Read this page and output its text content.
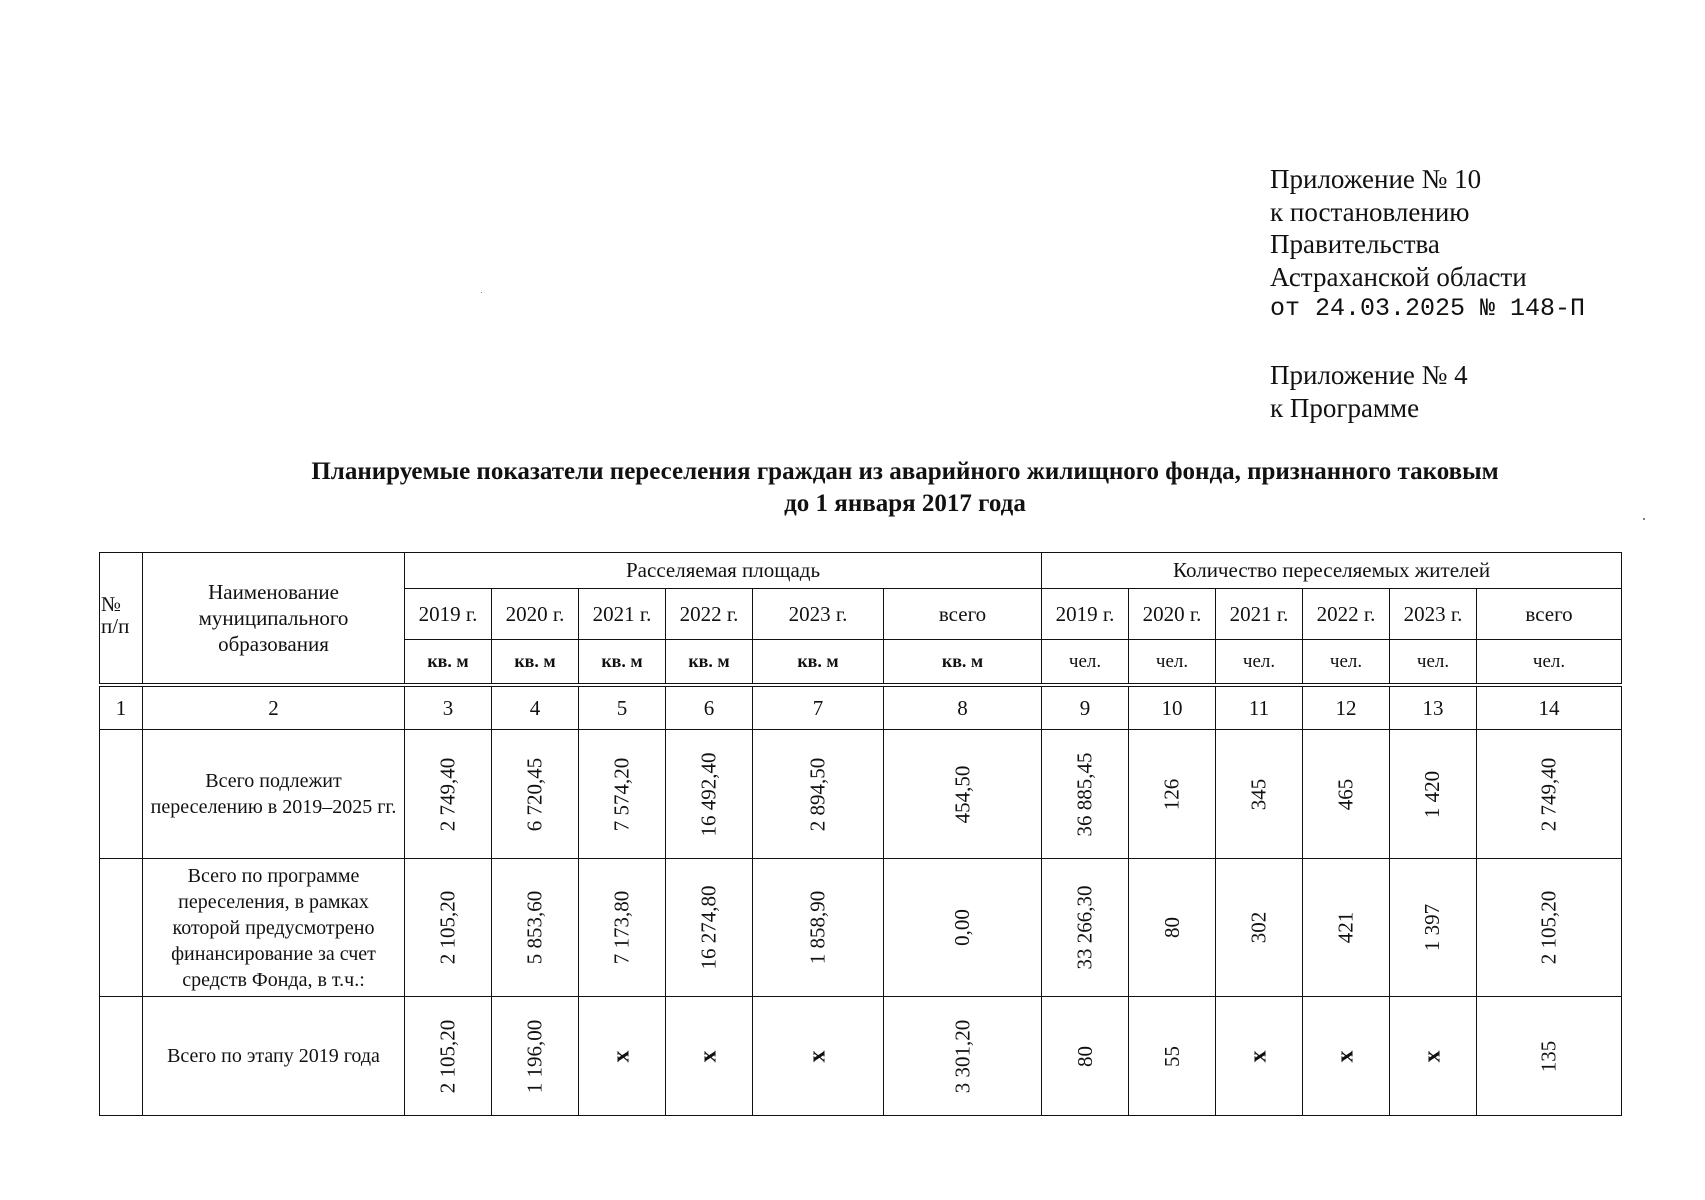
Приложение № 10
к постановлению
Правительства
Астраханской области
от 24.03.2025 № 148-П
Приложение № 4
к Программе
Планируемые показатели переселения граждан из аварийного жилищного фонда, признанного таковым
до 1 января 2017 года
№ п/п	Наименование муниципального образования	Расселяемая площадь						Количество переселяемых жителей					
		2019 г.	2020 г.	2021 г.	2022 г.	2023 г.	всего	2019 г.	2020 г.	2021 г.	2022 г.	2023 г.	всего
		кв. м	кв. м	кв. м	кв. м	кв. м	кв. м	чел.	чел.	чел.	чел.	чел.	чел.
1	2	3	4	5	6	7	8	9	10	11	12	13	14
	Всего подлежит переселению в 2019–2025 гг.	2 749,40	6 720,45	7 574,20	16 492,40	2 894,50	454,50	36 885,45	126	345	465	1 420	2 749,40
	Всего по программе переселения, в рамках которой предусмотрено финансирование за счет средств Фонда, в т.ч.:	2 105,20	5 853,60	7 173,80	16 274,80	1 858,90	0,00	33 266,30	80	302	421	1 397	2 105,20
	Всего по этапу 2019 года	2 105,20	1 196,00	х	х	х	3 301,20	80	55	х	х	х	135
